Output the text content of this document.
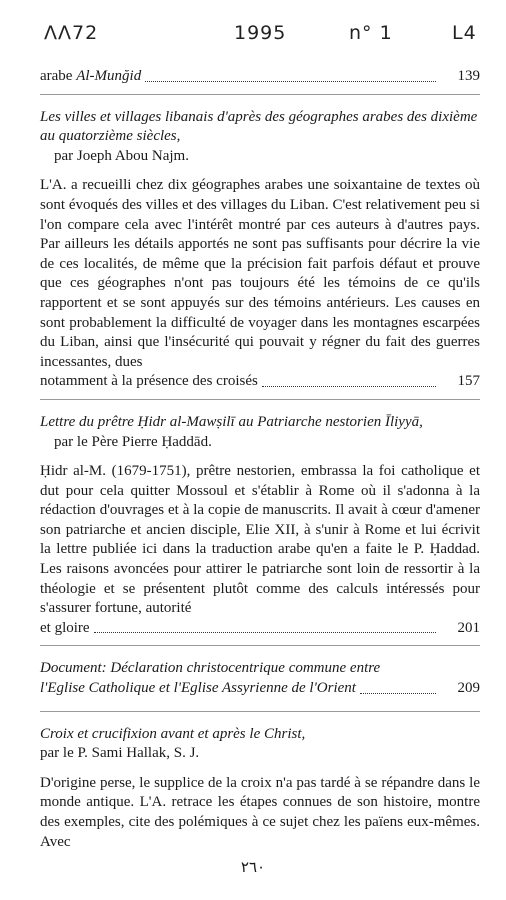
ΛΛ72	1995	n° 1	L4
arabe Al-Munğid	139
Les villes et villages libanais d'après des géographes arabes des dixième au quatorzième siècles,
par Joeph Abou Najm.
L'A. a recueilli chez dix géographes arabes une soixantaine de textes où sont évoqués des villes et des villages du Liban. C'est relativement peu si l'on compare cela avec l'intérêt montré par ces auteurs à d'autres pays. Par ailleurs les détails apportés ne sont pas suffisants pour décrire la vie de ces localités, de même que la précision fait parfois défaut et prouve que ces géographes n'ont pas toujours été les témoins de ce qu'ils rapportent et se sont appuyés sur des témoins antérieurs. Les causes en sont probablement la difficulté de voyager dans les montagnes escarpées du Liban, ainsi que l'insécurité qui pouvait y régner du fait des guerres incessantes, dues
notamment à la présence des croisés	157
Lettre du prêtre Ḥidr al-Mawṣilī au Patriarche nestorien Īliyyā,
par le Père Pierre Ḥaddād.
Ḥidr al-M. (1679-1751), prêtre nestorien, embrassa la foi catholique et dut pour cela quitter Mossoul et s'établir à Rome où il s'adonna à la rédaction d'ouvrages et à la copie de manuscrits. Il avait à cœur d'amener son patriarche et ancien disciple, Elie XII, à s'unir à Rome et lui écrivit la lettre publiée ici dans la traduction arabe qu'en a faite le P. Ḥaddad. Les raisons avoncées pour attirer le patriarche sont loin de ressortir à la théologie et se présentent plutôt comme des calculs intéressés pour s'assurer fortune, autorité
et gloire	201
Document: Déclaration christocentrique commune entre
l'Eglise Catholique et l'Eglise Assyrienne de l'Orient	209
Croix et crucifixion avant et après le Christ,
par le P. Sami Hallak, S. J.
D'origine perse, le supplice de la croix n'a pas tardé à se répandre dans le monde antique. L'A. retrace les étapes connues de son histoire, montre des exemples, cite des polémiques à ce sujet chez les païens eux-mêmes. Avec
٢٦٠
